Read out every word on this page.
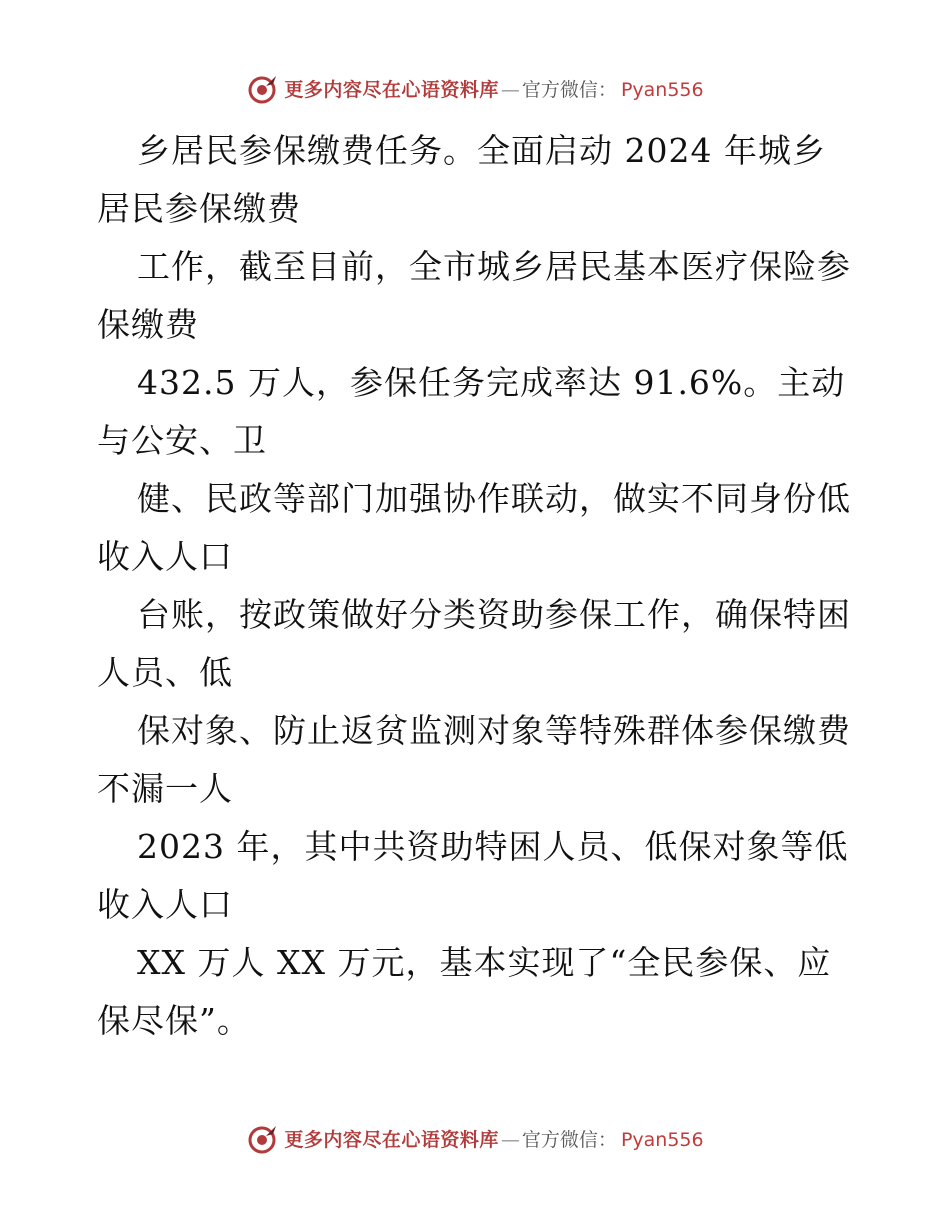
更多内容尽在心语资料库 — 官方微信： Pyan556

乡居民参保缴费任务。全面启动 2024 年城乡居民参保缴费

工作，截至目前，全市城乡居民基本医疗保险参保缴费

432.5 万人，参保任务完成率达 91.6%。主动与公安、卫

健、民政等部门加强协作联动，做实不同身份低收入人口

台账，按政策做好分类资助参保工作，确保特困人员、低

保对象、防止返贫监测对象等特殊群体参保缴费不漏一人

2023 年，其中共资助特困人员、低保对象等低收入人口

XX 万人 XX 万元，基本实现了“全民参保、应保尽保”。

更多内容尽在心语资料库 — 官方微信： Pyan556
